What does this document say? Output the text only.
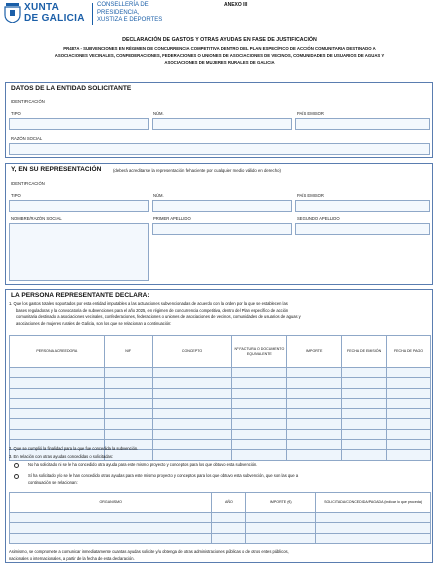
XUNTA
DE GALICIA
CONSELLERÍA DE
PRESIDENCIA,
XUSTIZA E DEPORTES
ANEXO III
DECLARACIÓN DE GASTOS Y OTRAS AYUDAS EN FASE DE JUSTIFICACIÓN
PR487A - SUBVENCIONES EN RÉGIMEN DE CONCURRENCIA COMPETITIVA DENTRO DEL PLAN ESPECÍFICO DE ACCIÓN COMUNITARIA DESTINADO A
ASOCIACIONES VECINALES, CONFEDERACIONES, FEDERACIONES O UNIONES DE ASOCIACIONES DE VECINOS, COMUNIDADES DE USUARIOS DE AGUAS Y
ASOCIACIONES DE MUJERES RURALES DE GALICIA
DATOS DE LA ENTIDAD SOLICITANTE
IDENTIFICACIÓN
TIPO	NÚM.	PAÍS EMISOR
RAZÓN SOCIAL
Y, EN SU REPRESENTACIÓN	(deberá acreditarse la representación fehaciente por cualquier medio válido en derecho)
IDENTIFICACIÓN
TIPO	NÚM.	PAÍS EMISOR
NOMBRE/RAZÓN SOCIAL	PRIMER APELLIDO	SEGUNDO APELLIDO
LA PERSONA REPRESENTANTE DECLARA:
1. Que los gastos totales soportados por esta entidad imputables a las actuaciones subvencionadas de acuerdo con la orden por la que se establecen las
bases reguladoras y la convocatoria de subvenciones para el año 2025, en régimen de concurrencia competitiva, dentro del Plan específico de acción
comunitaria destinado a asociaciones vecinales, confederaciones, federaciones o uniones de asociaciones de vecinos, comunidades de usuarios de aguas y
asociaciones de mujeres rurales de Galicia, son los que se relacionan a continuación:
PERSONA ACREEDORA	NIF	CONCEPTO	Nº FACTURA O DOCUMENTO EQUIVALENTE	IMPORTE	FECHA DE EMISIÓN	FECHA DE PAGO

2. Que se cumplió la finalidad para la que fue concedida la subvención.
3. En relación con otras ayudas concedidas o solicitadas:
No ha solicitado ni se le ha concedido otra ayuda para este mismo proyecto y conceptos para los que obtuvo esta subvención.
Sí ha solicitado y/o se le han concedido otras ayudas para este mismo proyecto y conceptos para los que obtuvo esta subvención, que son las que a
continuación se relacionan:
ORGANISMO	AÑO	IMPORTE (€)	SOLICITADA/CONCEDIDA/PAGADA (indicar lo que proceda)

Asimismo, se compromete a comunicar inmediatamente cuantas ayudas solicite y/u obtenga de otras administraciones públicas o de otros entes públicos,
nacionales o internacionales, a partir de la fecha de esta declaración.
